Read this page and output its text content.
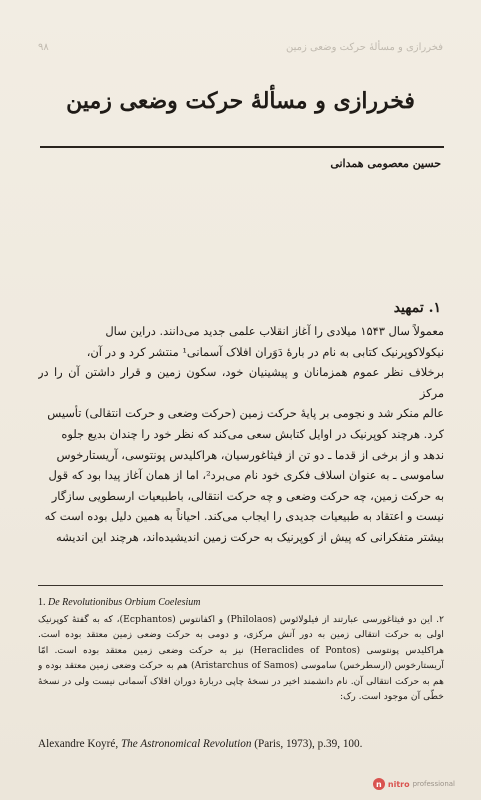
فخررازی و مسألۀ حرکت وضعی زمین
۹۸
فخررازی و مسألهٔ حرکت وضعی زمین
حسین معصومی همدانی
۱. تمهید

معمولاً سال ۱۵۴۳ میلادی را آغاز انقلاب علمی جدید می‌دانند. دراین سال

نیکولاکوپرنیک کتابی به نام در بارهٔ دَوَران افلاک آسمانی¹ منتشر کرد و در آن،

برخلاف نظر عموم همزمانان و پیشینیان خود، سکون زمین و قرار داشتن آن را در مرکز

عالم منکر شد و نجومی بر پایهٔ حرکت زمین (حرکت وضعی و حرکت انتقالی) تأسیس

کرد. هرچند کوپرنیک در اوایل کتابش سعی می‌کند که نظر خود را چندان بدیع جلوه

ندهد و از برخی از قدما ـ دو تن از فیثاغورسیان، هراکلیدس پونتوسی، آریستارخوس

ساموسی ـ به عنوان اسلاف فکری خود نام می‌برد²، اما از همان آغاز پیدا بود که قول

به حرکت زمین، چه حرکت وضعی و چه حرکت انتقالی، باطبیعیات ارسطویی سازگار

نیست و اعتقاد به طبیعیات جدیدی را ایجاب می‌کند. احیاناً به همین دلیل بوده است که

بیشتر متفکرانی که پیش از کوپرنیک به حرکت زمین اندیشیده‌اند، هرچند این اندیشه

1. De Revolutionibus Orbium Coelesium
۲. این دو فیثاغورسی عبارتند از فیلولائوس (Philolaos) و اکفانتوس (Ecphantos)، که به گفتهٔ کوپرنیک اولی به حرکت انتقالی زمین به دور آتش مرکزی، و دومی به حرکت وضعی زمین معتقد بوده است. هراکلیدس پونتوسی (Heraclides of Pontos) نیز به حرکت وضعی زمین معتقد بوده است. امّا آریستارخوس (ارسطرخس) ساموسی (Aristarchus of Samos) هم به حرکت وضعی زمین معتقد بوده و هم به حرکت انتقالی آن. نام دانشمند اخیر در نسخهٔ چاپی دربارهٔ دوران افلاک آسمانی نیست ولی در نسخهٔ خطّی آن موجود است. رک:
Alexandre Koyré, The Astronomical Revolution (Paris, 1973), p.39, 100.
n nitro professional
